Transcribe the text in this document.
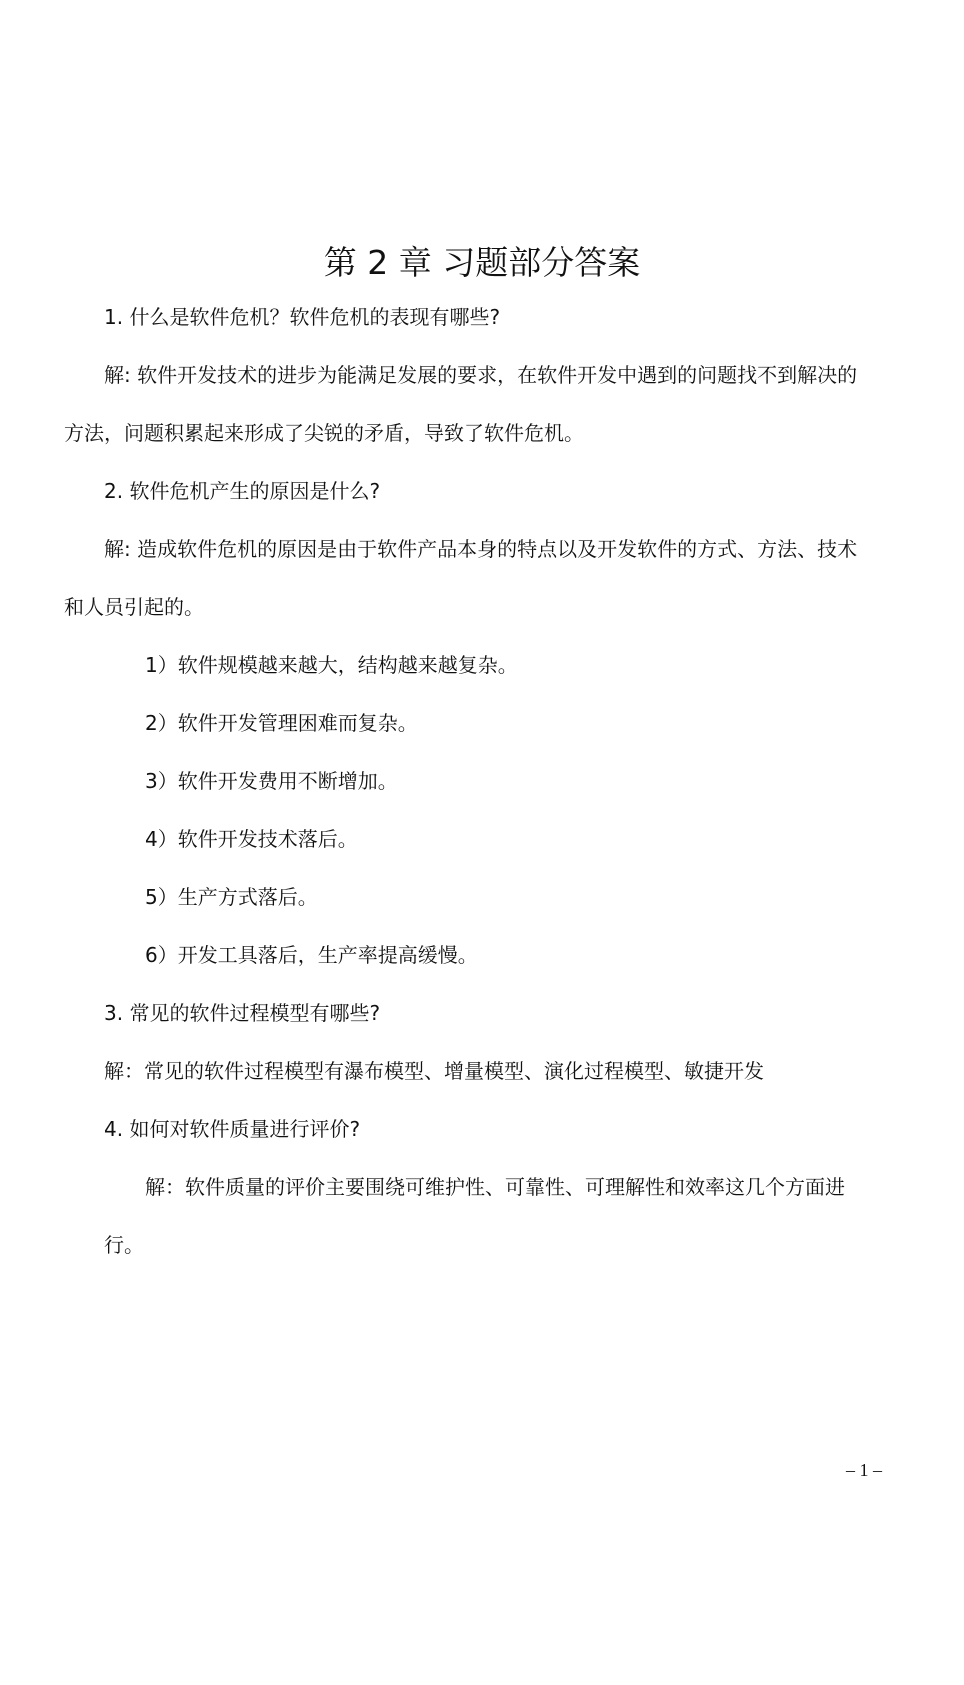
第 2 章 习题部分答案
1. 什么是软件危机？软件危机的表现有哪些?
解: 软件开发技术的进步为能满足发展的要求，在软件开发中遇到的问题找不到解决的
方法，问题积累起来形成了尖锐的矛盾，导致了软件危机。
2. 软件危机产生的原因是什么?
解: 造成软件危机的原因是由于软件产品本身的特点以及开发软件的方式、方法、技术
和人员引起的。
1）软件规模越来越大，结构越来越复杂。
2）软件开发管理困难而复杂。
3）软件开发费用不断增加。
4）软件开发技术落后。
5）生产方式落后。
6）开发工具落后，生产率提高缓慢。
3. 常见的软件过程模型有哪些?
解：常见的软件过程模型有瀑布模型、增量模型、演化过程模型、敏捷开发
4. 如何对软件质量进行评价?
解：软件质量的评价主要围绕可维护性、可靠性、可理解性和效率这几个方面进
行。
– 1 –
